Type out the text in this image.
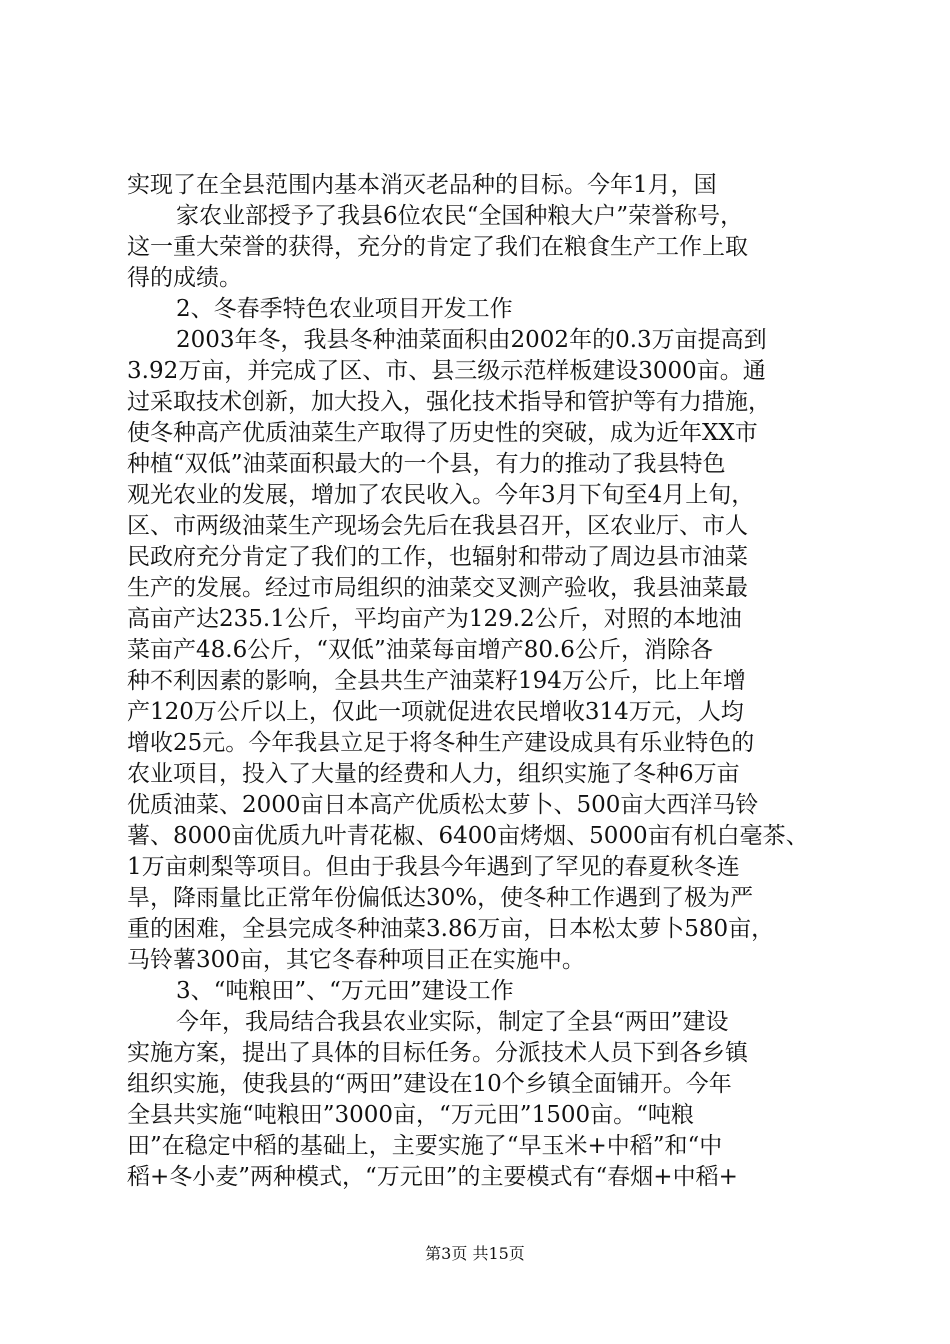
实现了在全县范围内基本消灭老品种的目标。今年1月，国
家农业部授予了我县6位农民“全国种粮大户”荣誉称号，
这一重大荣誉的获得，充分的肯定了我们在粮食生产工作上取
得的成绩。
2、冬春季特色农业项目开发工作
2003年冬，我县冬种油菜面积由2002年的0.3万亩提高到
3.92万亩，并完成了区、市、县三级示范样板建设3000亩。通
过采取技术创新，加大投入，强化技术指导和管护等有力措施，
使冬种高产优质油菜生产取得了历史性的突破，成为近年XX市
种植“双低”油菜面积最大的一个县，有力的推动了我县特色
观光农业的发展，增加了农民收入。今年3月下旬至4月上旬，
区、市两级油菜生产现场会先后在我县召开，区农业厅、市人
民政府充分肯定了我们的工作，也辐射和带动了周边县市油菜
生产的发展。经过市局组织的油菜交叉测产验收，我县油菜最
高亩产达235.1公斤，平均亩产为129.2公斤，对照的本地油
菜亩产48.6公斤，“双低”油菜每亩增产80.6公斤，消除各
种不利因素的影响，全县共生产油菜籽194万公斤，比上年增
产120万公斤以上，仅此一项就促进农民增收314万元，人均
增收25元。今年我县立足于将冬种生产建设成具有乐业特色的
农业项目，投入了大量的经费和人力，组织实施了冬种6万亩
优质油菜、2000亩日本高产优质松太萝卜、500亩大西洋马铃
薯、8000亩优质九叶青花椒、6400亩烤烟、5000亩有机白毫茶、
1万亩刺梨等项目。但由于我县今年遇到了罕见的春夏秋冬连
旱，降雨量比正常年份偏低达30%，使冬种工作遇到了极为严
重的困难，全县完成冬种油菜3.86万亩，日本松太萝卜580亩，
马铃薯300亩，其它冬春种项目正在实施中。
3、“吨粮田”、“万元田”建设工作
今年，我局结合我县农业实际，制定了全县“两田”建设
实施方案，提出了具体的目标任务。分派技术人员下到各乡镇
组织实施，使我县的“两田”建设在10个乡镇全面铺开。今年
全县共实施“吨粮田”3000亩，“万元田”1500亩。“吨粮
田”在稳定中稻的基础上，主要实施了“早玉米+中稻”和“中
稻+冬小麦”两种模式，“万元田”的主要模式有“春烟+中稻+
第3页 共15页
